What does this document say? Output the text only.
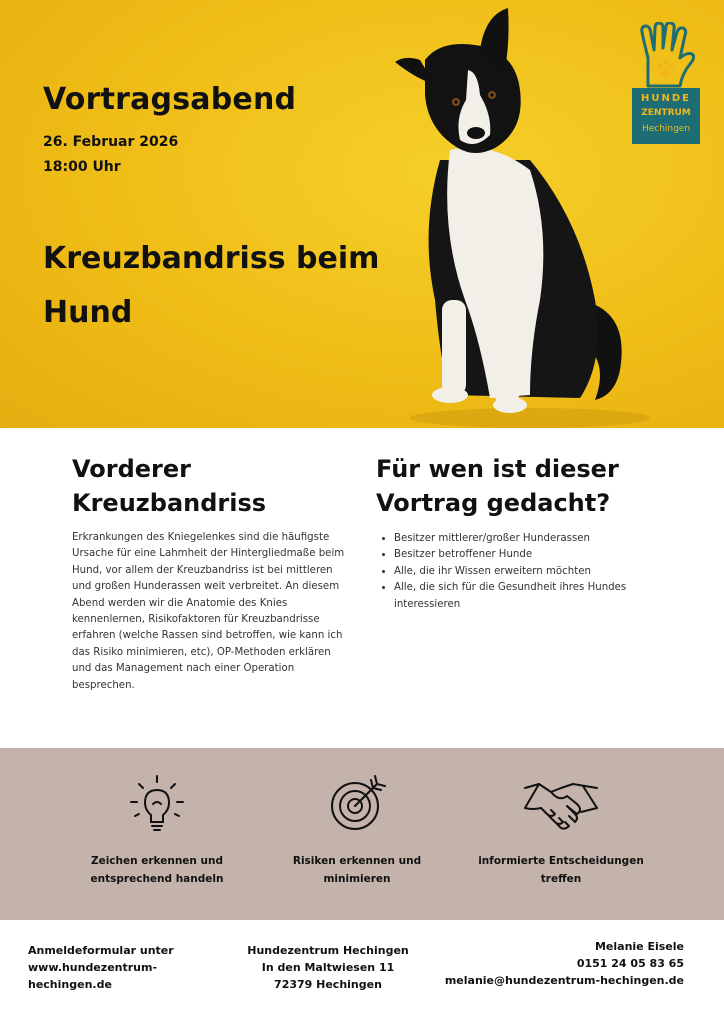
Vortragsabend
26. Februar 2026
18:00 Uhr
Kreuzbandriss beim
Hund
HUNDE
ZENTRUM
Hechingen
Vorderer
Kreuzbandriss
Erkrankungen des Kniegelenkes sind die häufigste Ursache für eine Lahmheit der Hintergliedmaße beim Hund, vor allem der Kreuzbandriss ist bei mittleren und großen Hunderassen weit verbreitet. An diesem Abend werden wir die Anatomie des Knies kennenlernen, Risikofaktoren für Kreuzbandrisse erfahren (welche Rassen sind betroffen, wie kann ich das Risiko minimieren, etc), OP-Methoden erklären und das Management nach einer Operation besprechen.
Für wen ist dieser
Vortrag gedacht?
• Besitzer mittlerer/großer Hunderassen
• Besitzer betroffener Hunde
• Alle, die ihr Wissen erweitern möchten
• Alle, die sich für die Gesundheit ihres Hundes interessieren
Zeichen erkennen und
entsprechend handeln
Risiken erkennen und
minimieren
informierte Entscheidungen
treffen
Anmeldeformular unter
www.hundezentrum-
hechingen.de
Hundezentrum Hechingen
In den Maltwiesen 11
72379 Hechingen
Melanie Eisele
0151 24 05 83 65
melanie@hundezentrum-hechingen.de
